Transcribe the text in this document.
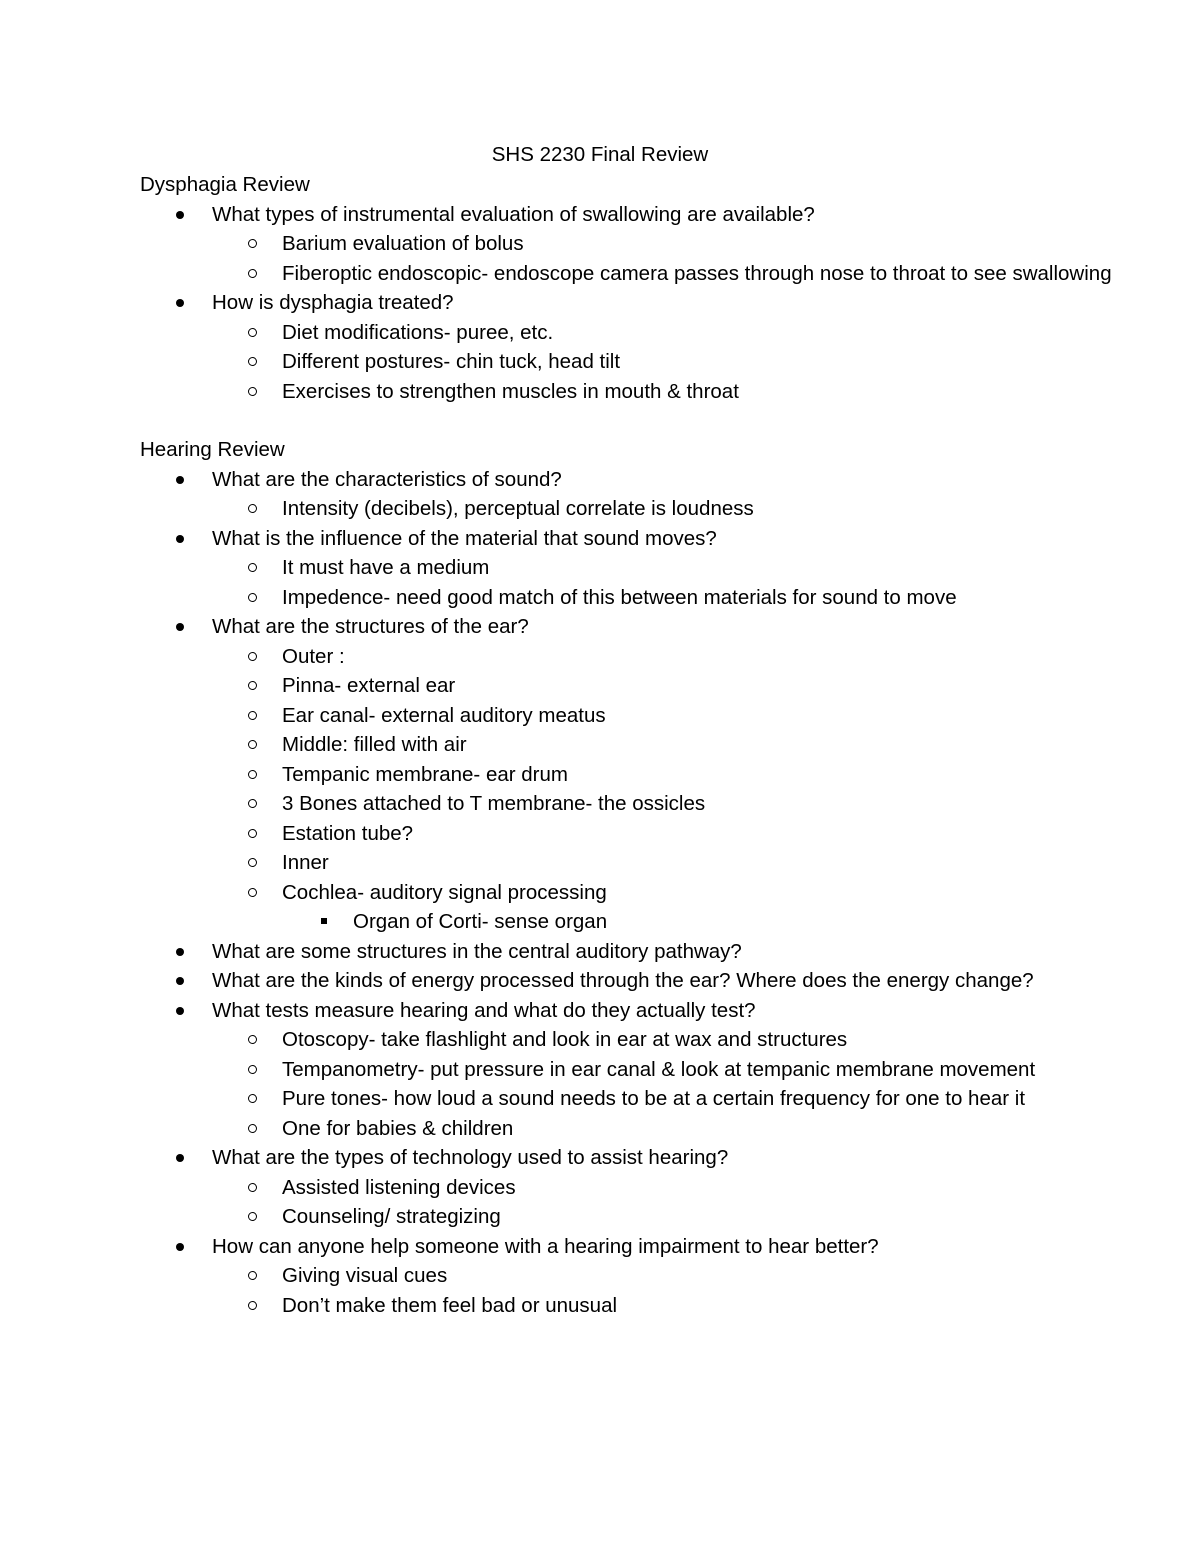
SHS 2230 Final Review
Dysphagia Review
What types of instrumental evaluation of swallowing are available?
Barium evaluation of bolus
Fiberoptic endoscopic- endoscope camera passes through nose to throat to see swallowing
How is dysphagia treated?
Diet modifications- puree, etc.
Different postures- chin tuck, head tilt
Exercises to strengthen muscles in mouth & throat
Hearing Review
What are the characteristics of sound?
Intensity (decibels), perceptual correlate is loudness
What is the influence of the material that sound moves?
It must have a medium
Impedence- need good match of this between materials for sound to move
What are the structures of the ear?
Outer :
Pinna- external ear
Ear canal- external auditory meatus
Middle: filled with air
Tempanic membrane- ear drum
3 Bones attached to T membrane- the ossicles
Estation tube?
Inner
Cochlea- auditory signal processing
Organ of Corti- sense organ
What are some structures in the central auditory pathway?
What are the kinds of energy processed through the ear? Where does the energy change?
What tests measure hearing and what do they actually test?
Otoscopy- take flashlight and look in ear at wax and structures
Tempanometry- put pressure in ear canal & look at tempanic membrane movement
Pure tones- how loud a sound needs to be at a certain frequency for one to hear it
One for babies & children
What are the types of technology used to assist hearing?
Assisted listening devices
Counseling/ strategizing
How can anyone help someone with a hearing impairment to hear better?
Giving visual cues
Don’t make them feel bad or unusual
